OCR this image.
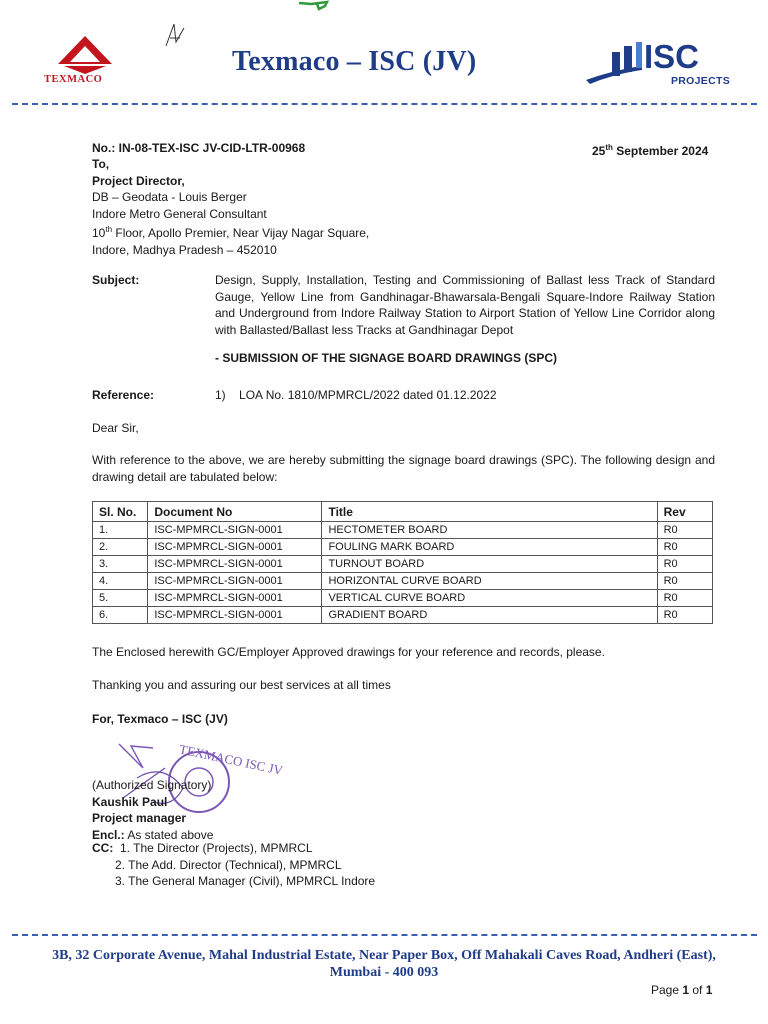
TEXMACO
Texmaco – ISC (JV)	ISC
PROJECTS
No.: IN-08-TEX-ISC JV-CID-LTR-00968	25th September 2024
To,
Project Director,
DB – Geodata - Louis Berger
Indore Metro General Consultant
10th Floor, Apollo Premier, Near Vijay Nagar Square,
Indore, Madhya Pradesh – 452010
Subject:	Design, Supply, Installation, Testing and Commissioning of Ballast less Track of Standard Gauge, Yellow Line from Gandhinagar-Bhawarsala-Bengali Square-Indore Railway Station and Underground from Indore Railway Station to Airport Station of Yellow Line Corridor along with Ballasted/Ballast less Tracks at Gandhinagar Depot
- SUBMISSION OF THE SIGNAGE BOARD DRAWINGS (SPC)
Reference:	1) LOA No. 1810/MPMRCL/2022 dated 01.12.2022
Dear Sir,
With reference to the above, we are hereby submitting the signage board drawings (SPC). The following design and drawing detail are tabulated below:
Sl. No.	Document No	Title	Rev
1.	ISC-MPMRCL-SIGN-0001	HECTOMETER BOARD	R0
2.	ISC-MPMRCL-SIGN-0001	FOULING MARK BOARD	R0
3.	ISC-MPMRCL-SIGN-0001	TURNOUT BOARD	R0
4.	ISC-MPMRCL-SIGN-0001	HORIZONTAL CURVE BOARD	R0
5.	ISC-MPMRCL-SIGN-0001	VERTICAL CURVE BOARD	R0
6.	ISC-MPMRCL-SIGN-0001	GRADIENT BOARD	R0
The Enclosed herewith GC/Employer Approved drawings for your reference and records, please.
Thanking you and assuring our best services at all times
For, Texmaco – ISC (JV)
TEXMACO ISC JV
(Authorized Signatory)
Kaushik Paul
Project manager
Encl.: As stated above
CC: 1. The Director (Projects), MPMRCL
2. The Add. Director (Technical), MPMRCL
3. The General Manager (Civil), MPMRCL Indore
3B, 32 Corporate Avenue, Mahal Industrial Estate, Near Paper Box, Off Mahakali Caves Road, Andheri (East),
Mumbai - 400 093
Page 1 of 1
